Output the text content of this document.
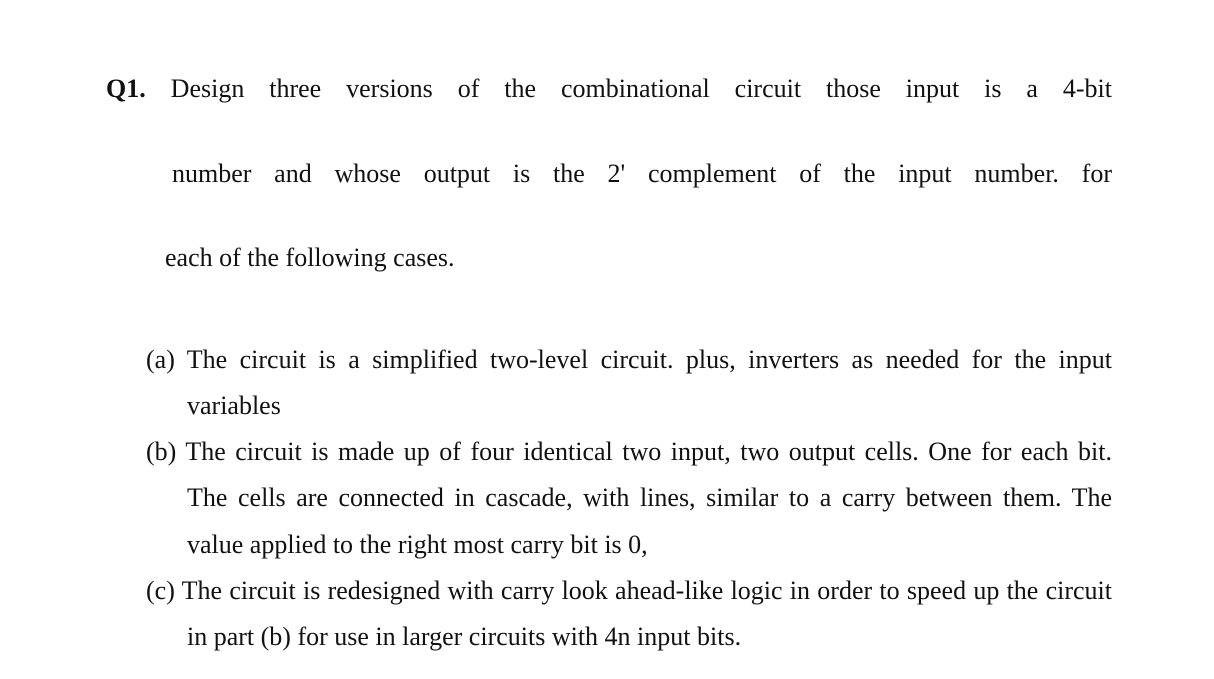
Q1. Design three versions of the combinational circuit those input is a 4-bit
number and whose output is the 2' complement of the input number. for
each of the following cases.
(a) The circuit is a simplified two-level circuit. plus, inverters as needed for the input
variables
(b) The circuit is made up of four identical two input, two output cells. One for each bit.
The cells are connected in cascade, with lines, similar to a carry between them. The
value applied to the right most carry bit is 0,
(c) The circuit is redesigned with carry look ahead-like logic in order to speed up the circuit
in part (b) for use in larger circuits with 4n input bits.
